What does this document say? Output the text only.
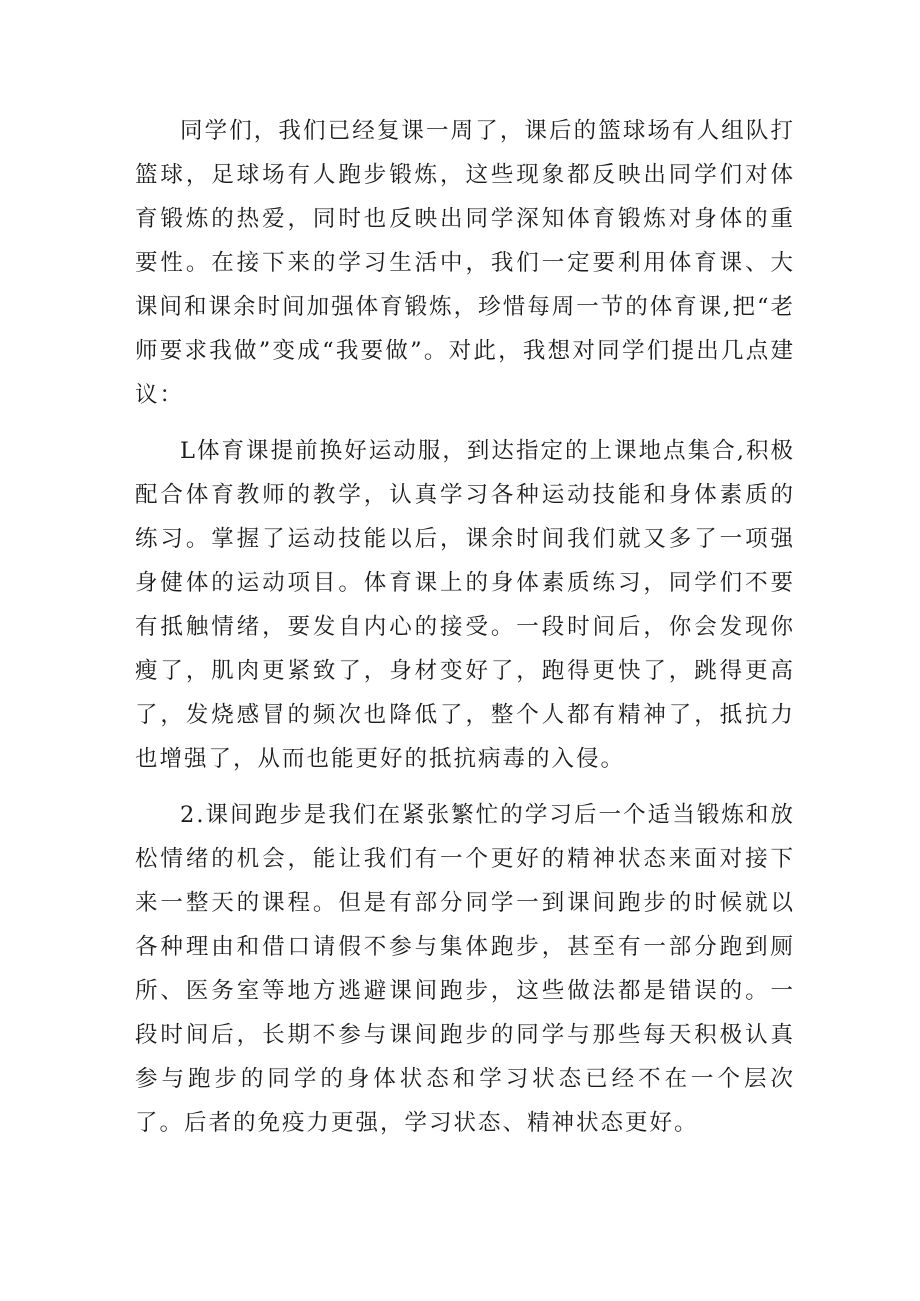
同学们，我们已经复课一周了，课后的篮球场有人组队打篮球，足球场有人跑步锻炼，这些现象都反映出同学们对体育锻炼的热爱，同时也反映出同学深知体育锻炼对身体的重要性。在接下来的学习生活中，我们一定要利用体育课、大课间和课余时间加强体育锻炼，珍惜每周一节的体育课,把“老师要求我做”变成“我要做”。对此，我想对同学们提出几点建议：

L体育课提前换好运动服，到达指定的上课地点集合,积极配合体育教师的教学，认真学习各种运动技能和身体素质的练习。掌握了运动技能以后，课余时间我们就又多了一项强身健体的运动项目。体育课上的身体素质练习，同学们不要有抵触情绪，要发自内心的接受。一段时间后，你会发现你瘦了，肌肉更紧致了，身材变好了，跑得更快了，跳得更高了，发烧感冒的频次也降低了，整个人都有精神了，抵抗力也增强了，从而也能更好的抵抗病毒的入侵。

2.课间跑步是我们在紧张繁忙的学习后一个适当锻炼和放松情绪的机会，能让我们有一个更好的精神状态来面对接下来一整天的课程。但是有部分同学一到课间跑步的时候就以各种理由和借口请假不参与集体跑步，甚至有一部分跑到厕所、医务室等地方逃避课间跑步，这些做法都是错误的。一段时间后，长期不参与课间跑步的同学与那些每天积极认真参与跑步的同学的身体状态和学习状态已经不在一个层次了。后者的免疫力更强，学习状态、精神状态更好。
